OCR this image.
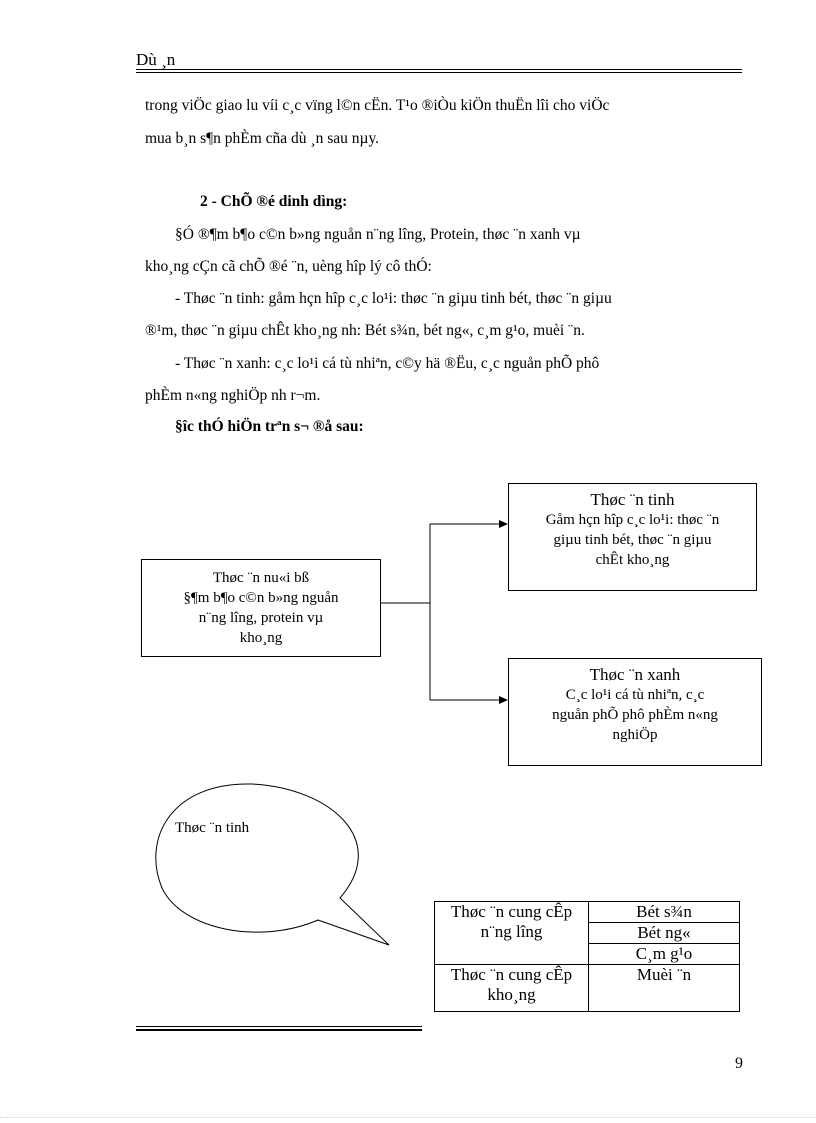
Dù ¸n
trong viÖc giao lu víi c¸c vïng l©n cËn. T¹o ®iÒu kiÖn thuËn lîi cho viÖc
mua b¸n s¶n phÈm cña dù ¸n sau nµy.
2 - ChÕ ®é dinh dìng:
§Ó ®¶m b¶o c©n b»ng nguån n¨ng lîng, Protein, thøc ¨n xanh vµ
kho¸ng cÇn cã chÕ ®é ¨n, uèng hîp lý cô thÓ:
- Thøc ¨n tinh: gåm hçn hîp c¸c lo¹i: thøc ¨n giµu tinh bét, thøc ¨n giµu
®¹m, thøc ¨n giµu chÊt kho¸ng nh: Bét s¾n, bét ng«, c¸m g¹o, muèi ¨n.
- Thøc ¨n xanh: c¸c lo¹i cá tù nhiªn, c©y hä ®Ëu, c¸c nguån phÕ phô
phÈm n«ng nghiÖp nh r¬m.
§îc thÓ hiÖn trªn s¬ ®å sau:
Thøc ¨n nu«i bß
§¶m b¶o c©n b»ng nguån
n¨ng lîng, protein vµ
kho¸ng
Thøc ¨n tinh
Gåm hçn hîp c¸c lo¹i: thøc ¨n
giµu tinh bét, thøc ¨n giµu
chÊt kho¸ng
Thøc ¨n xanh
C¸c lo¹i cá tù nhiªn, c¸c
nguån phÕ phô phÈm n«ng
nghiÖp
Thøc ¨n tinh
Thøc ¨n cung cÊp n¨ng lîng	Bét s¾n
	Bét ng«
	C¸m g¹o
Thøc ¨n cung cÊp kho¸ng	Muèi ¨n
9
